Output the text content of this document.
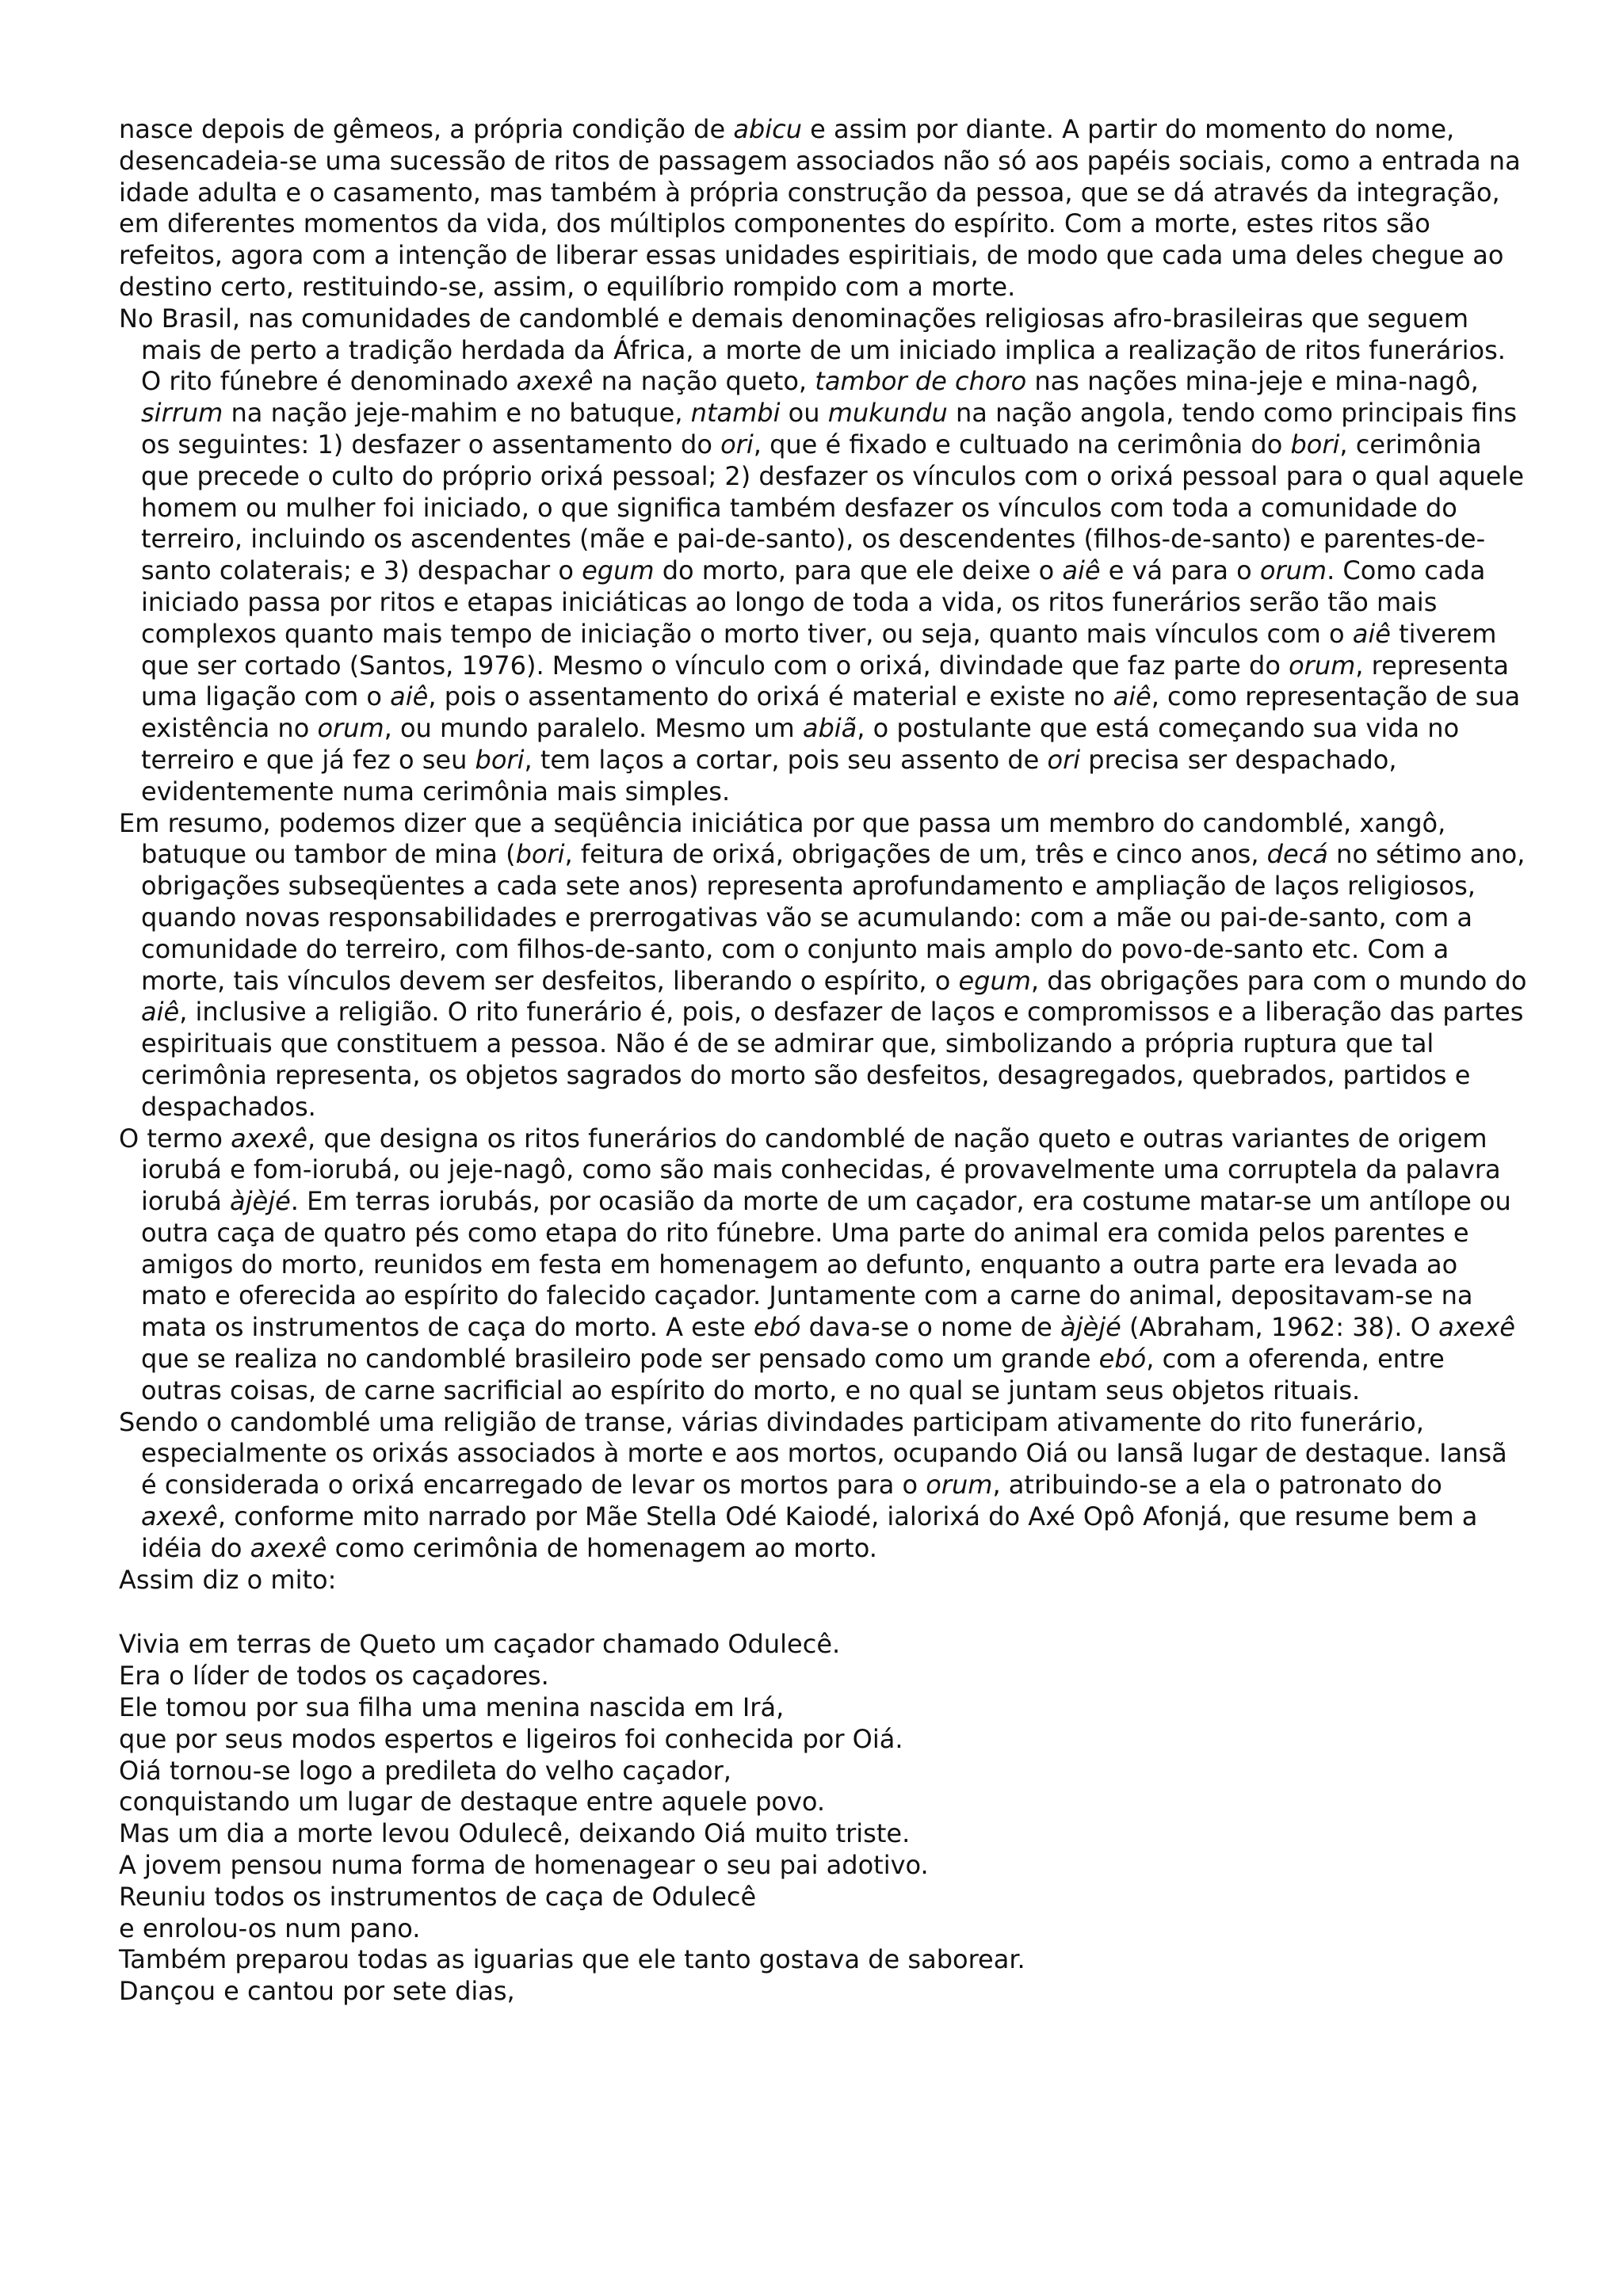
nasce depois de gêmeos, a própria condição de abicu e assim por diante. A partir do momento do nome, desencadeia-se uma sucessão de ritos de passagem associados não só aos papéis sociais, como a entrada na idade adulta e o casamento, mas também à própria construção da pessoa, que se dá através da integração, em diferentes momentos da vida, dos múltiplos componentes do espírito. Com a morte, estes ritos são refeitos, agora com a intenção de liberar essas unidades espiritiais, de modo que cada uma deles chegue ao destino certo, restituindo-se, assim, o equilíbrio rompido com a morte.

No Brasil, nas comunidades de candomblé e demais denominações religiosas afro-brasileiras que seguem mais de perto a tradição herdada da África, a morte de um iniciado implica a realização de ritos funerários. O rito fúnebre é denominado axexê na nação queto, tambor de choro nas nações mina-jeje e mina-nagô, sirrum na nação jeje-mahim e no batuque, ntambi ou mukundu na nação angola, tendo como principais fins os seguintes: 1) desfazer o assentamento do ori, que é fixado e cultuado na cerimônia do bori, cerimônia que precede o culto do próprio orixá pessoal; 2) desfazer os vínculos com o orixá pessoal para o qual aquele homem ou mulher foi iniciado, o que significa também desfazer os vínculos com toda a comunidade do terreiro, incluindo os ascendentes (mãe e pai-de-santo), os descendentes (filhos-de-santo) e parentes-de-santo colaterais; e 3) despachar o egum do morto, para que ele deixe o aiê e vá para o orum. Como cada iniciado passa por ritos e etapas iniciáticas ao longo de toda a vida, os ritos funerários serão tão mais complexos quanto mais tempo de iniciação o morto tiver, ou seja, quanto mais vínculos com o aiê tiverem que ser cortado (Santos, 1976). Mesmo o vínculo com o orixá, divindade que faz parte do orum, representa uma ligação com o aiê, pois o assentamento do orixá é material e existe no aiê, como representação de sua existência no orum, ou mundo paralelo. Mesmo um abiã, o postulante que está começando sua vida no terreiro e que já fez o seu bori, tem laços a cortar, pois seu assento de ori precisa ser despachado, evidentemente numa cerimônia mais simples.

Em resumo, podemos dizer que a seqüência iniciática por que passa um membro do candomblé, xangô, batuque ou tambor de mina (bori, feitura de orixá, obrigações de um, três e cinco anos, decá no sétimo ano, obrigações subseqüentes a cada sete anos) representa aprofundamento e ampliação de laços religiosos, quando novas responsabilidades e prerrogativas vão se acumulando: com a mãe ou pai-de-santo, com a comunidade do terreiro, com filhos-de-santo, com o conjunto mais amplo do povo-de-santo etc. Com a morte, tais vínculos devem ser desfeitos, liberando o espírito, o egum, das obrigações para com o mundo do aiê, inclusive a religião. O rito funerário é, pois, o desfazer de laços e compromissos e a liberação das partes espirituais que constituem a pessoa. Não é de se admirar que, simbolizando a própria ruptura que tal cerimônia representa, os objetos sagrados do morto são desfeitos, desagregados, quebrados, partidos e despachados.

O termo axexê, que designa os ritos funerários do candomblé de nação queto e outras variantes de origem iorubá e fom-iorubá, ou jeje-nagô, como são mais conhecidas, é provavelmente uma corruptela da palavra iorubá àjèjé. Em terras iorubás, por ocasião da morte de um caçador, era costume matar-se um antílope ou outra caça de quatro pés como etapa do rito fúnebre. Uma parte do animal era comida pelos parentes e amigos do morto, reunidos em festa em homenagem ao defunto, enquanto a outra parte era levada ao mato e oferecida ao espírito do falecido caçador. Juntamente com a carne do animal, depositavam-se na mata os instrumentos de caça do morto. A este ebó dava-se o nome de àjèjé (Abraham, 1962: 38). O axexê que se realiza no candomblé brasileiro pode ser pensado como um grande ebó, com a oferenda, entre outras coisas, de carne sacrificial ao espírito do morto, e no qual se juntam seus objetos rituais.

Sendo o candomblé uma religião de transe, várias divindades participam ativamente do rito funerário, especialmente os orixás associados à morte e aos mortos, ocupando Oiá ou Iansã lugar de destaque. Iansã é considerada o orixá encarregado de levar os mortos para o orum, atribuindo-se a ela o patronato do axexê, conforme mito narrado por Mãe Stella Odé Kaiodé, ialorixá do Axé Opô Afonjá, que resume bem a idéia do axexê como cerimônia de homenagem ao morto.

Assim diz o mito:

Vivia em terras de Queto um caçador chamado Odulecê.
Era o líder de todos os caçadores.
Ele tomou por sua filha uma menina nascida em Irá,
que por seus modos espertos e ligeiros foi conhecida por Oiá.
Oiá tornou-se logo a predileta do velho caçador,
conquistando um lugar de destaque entre aquele povo.
Mas um dia a morte levou Odulecê, deixando Oiá muito triste.
A jovem pensou numa forma de homenagear o seu pai adotivo.
Reuniu todos os instrumentos de caça de Odulecê
e enrolou-os num pano.
Também preparou todas as iguarias que ele tanto gostava de saborear.
Dançou e cantou por sete dias,
